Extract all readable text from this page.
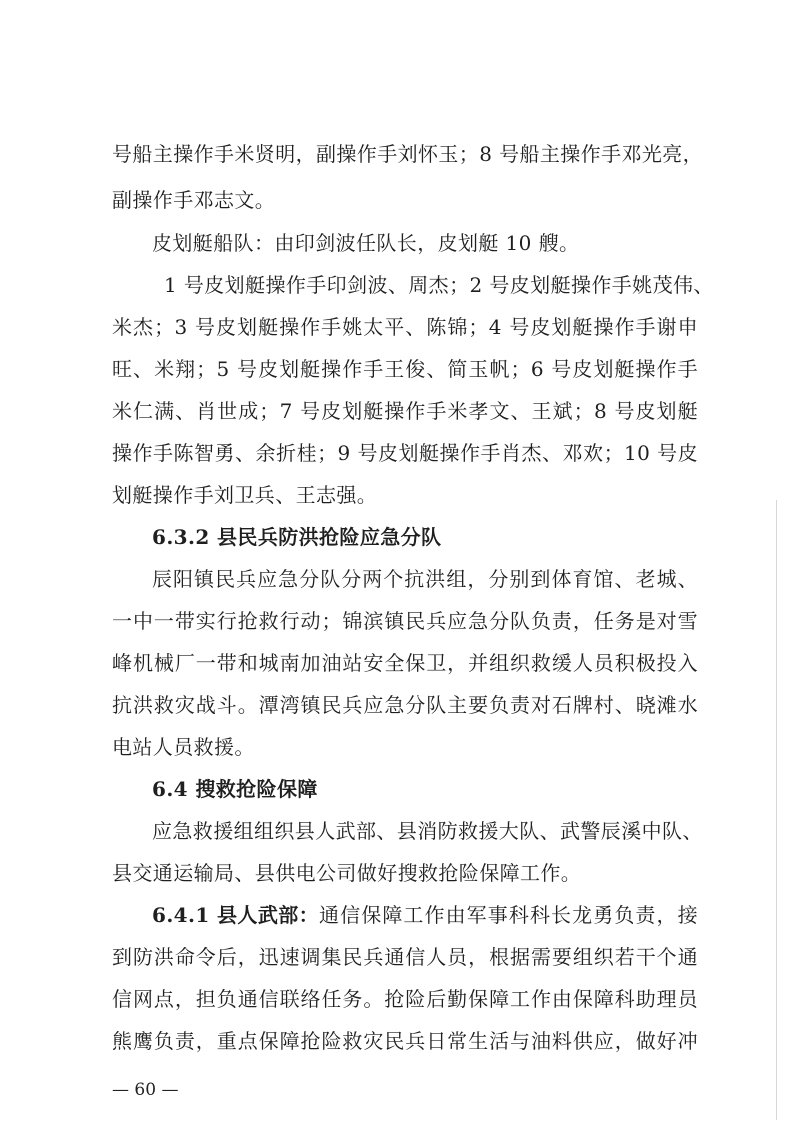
号船主操作手米贤明，副操作手刘怀玉；8 号船主操作手邓光亮，
副操作手邓志文。
皮划艇船队：由印剑波任队长，皮划艇 10 艘。
1 号皮划艇操作手印剑波、周杰；2 号皮划艇操作手姚茂伟、
米杰；3 号皮划艇操作手姚太平、陈锦；4 号皮划艇操作手谢申
旺、米翔；5 号皮划艇操作手王俊、简玉帆；6 号皮划艇操作手
米仁满、肖世成；7 号皮划艇操作手米孝文、王斌；8 号皮划艇
操作手陈智勇、余折桂；9 号皮划艇操作手肖杰、邓欢；10 号皮
划艇操作手刘卫兵、王志强。
6.3.2 县民兵防洪抢险应急分队
辰阳镇民兵应急分队分两个抗洪组，分别到体育馆、老城、
一中一带实行抢救行动；锦滨镇民兵应急分队负责，任务是对雪
峰机械厂一带和城南加油站安全保卫，并组织救缓人员积极投入
抗洪救灾战斗。潭湾镇民兵应急分队主要负责对石牌村、晓滩水
电站人员救援。
6.4 搜救抢险保障
应急救援组组织县人武部、县消防救援大队、武警辰溪中队、
县交通运输局、县供电公司做好搜救抢险保障工作。
6.4.1 县人武部： 通信保障工作由军事科科长龙勇负责，接
到防洪命令后，迅速调集民兵通信人员，根据需要组织若干个通
信网点，担负通信联络任务。抢险后勤保障工作由保障科助理员
熊鹰负责，重点保障抢险救灾民兵日常生活与油料供应，做好冲
— 60 —
